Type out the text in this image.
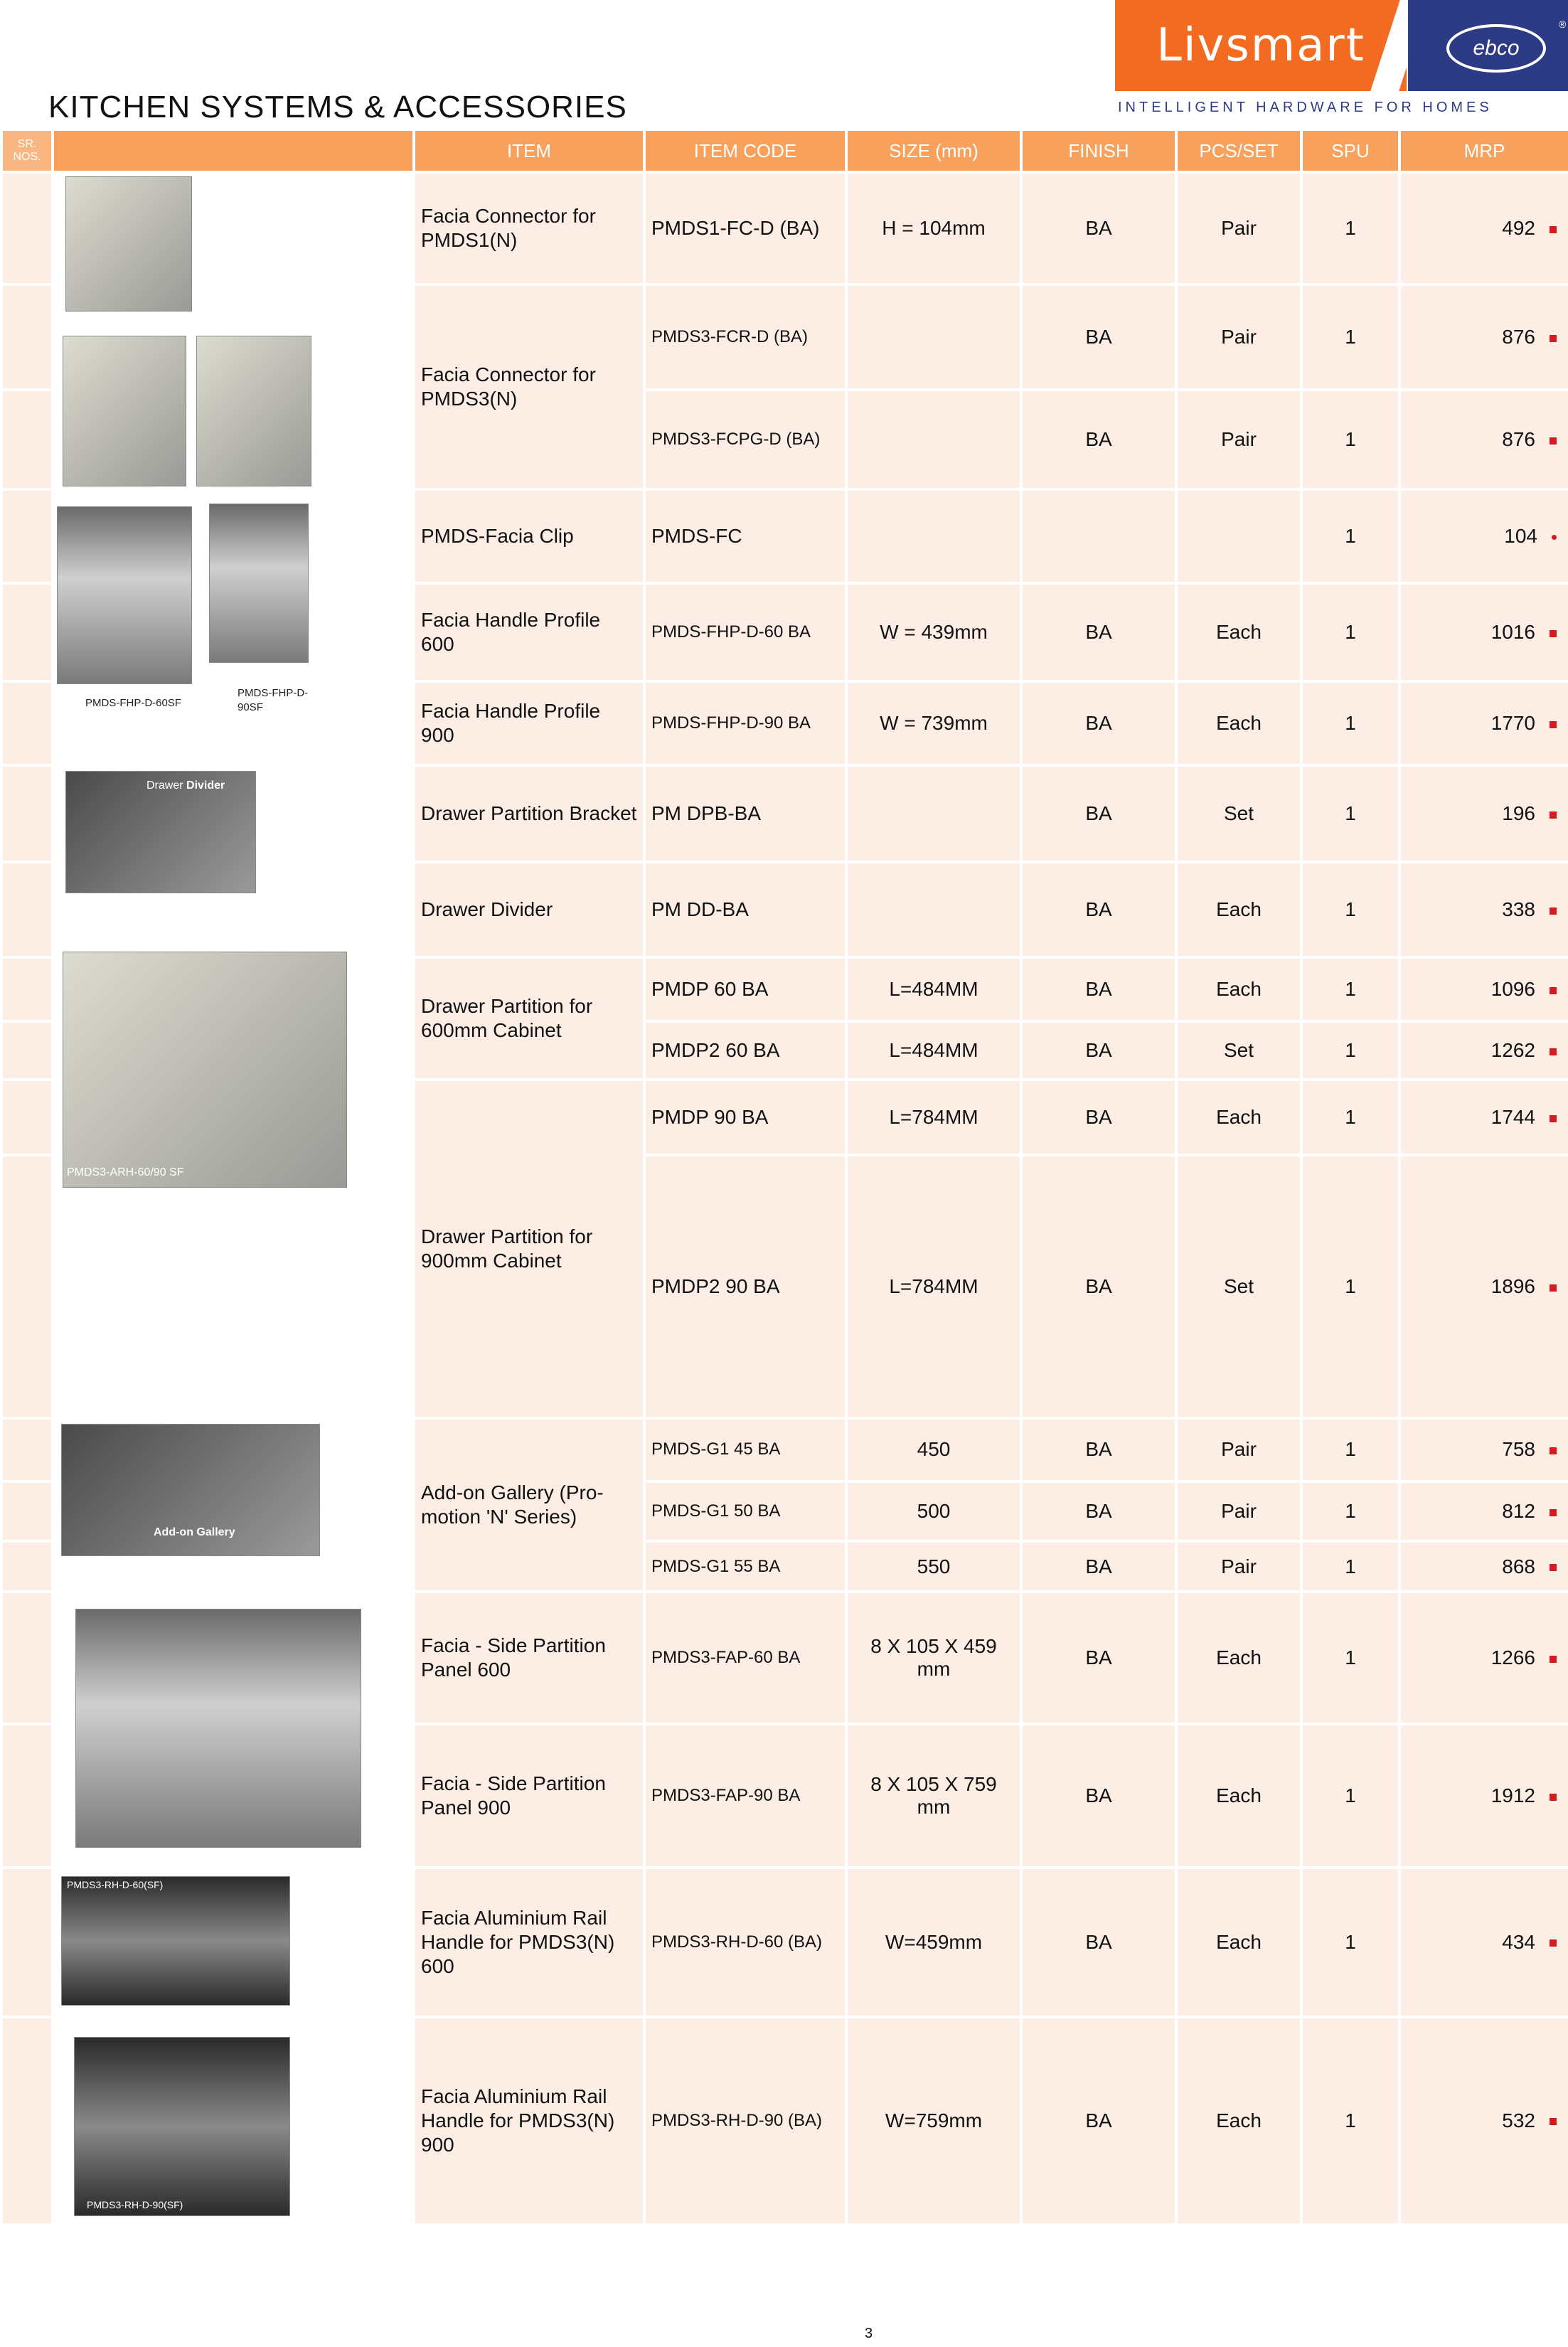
KITCHEN SYSTEMS & ACCESSORIES
Livsmart	ebco
®
INTELLIGENT HARDWARE FOR HOMES
SR. NOS.		ITEM	ITEM CODE	SIZE (mm)	FINISH	PCS/SET	SPU	MRP

	PMDS-FHP-D-60SF
PMDS-FHP-D-
90SF	Facia Connector for PMDS1(N)	PMDS1-FC-D (BA)	H = 104mm	BA	Pair	1	492
		Facia Connector for PMDS3(N)	PMDS3-FCR-D (BA)		BA	Pair	1	876
			PMDS3-FCPG-D (BA)		BA	Pair	1	876
		PMDS-Facia Clip	PMDS-FC				1	104
		Facia Handle Profile 600	PMDS-FHP-D-60 BA	W = 439mm	BA	Each	1	1016
		Facia Handle Profile 900	PMDS-FHP-D-90 BA	W = 739mm	BA	Each	1	1770

	Drawer Divider
PMDS3-ARH-60/90 SF	Drawer Partition Bracket	PM DPB-BA		BA	Set	1	196
		Drawer Divider	PM DD-BA		BA	Each	1	338
		Drawer Partition for 600mm Cabinet	PMDP 60 BA	L=484MM	BA	Each	1	1096
			PMDP2 60 BA	L=484MM	BA	Set	1	1262
		Drawer Partition for 900mm Cabinet	PMDP 90 BA	L=784MM	BA	Each	1	1744
			PMDP2 90 BA	L=784MM	BA	Set	1	1896

	Add-on Gallery	Add-on Gallery (Pro-motion 'N' Series)	PMDS-G1 45 BA	450	BA	Pair	1	758
			PMDS-G1 50 BA	500	BA	Pair	1	812
			PMDS-G1 55 BA	550	BA	Pair	1	868

	Facia - Side Partition Panel 600	PMDS3-FAP-60 BA	8 X 105 X 459 mm	BA	Each	1	1266
		Facia - Side Partition Panel 900	PMDS3-FAP-90 BA	8 X 105 X 759 mm	BA	Each	1	1912

	PMDS3-RH-D-60(SF)
PMDS3-RH-D-90(SF)	Facia Aluminium Rail Handle for PMDS3(N) 600	PMDS3-RH-D-60 (BA)	W=459mm	BA	Each	1	434
		Facia Aluminium Rail Handle for PMDS3(N) 900	PMDS3-RH-D-90 (BA)	W=759mm	BA	Each	1	532
3
